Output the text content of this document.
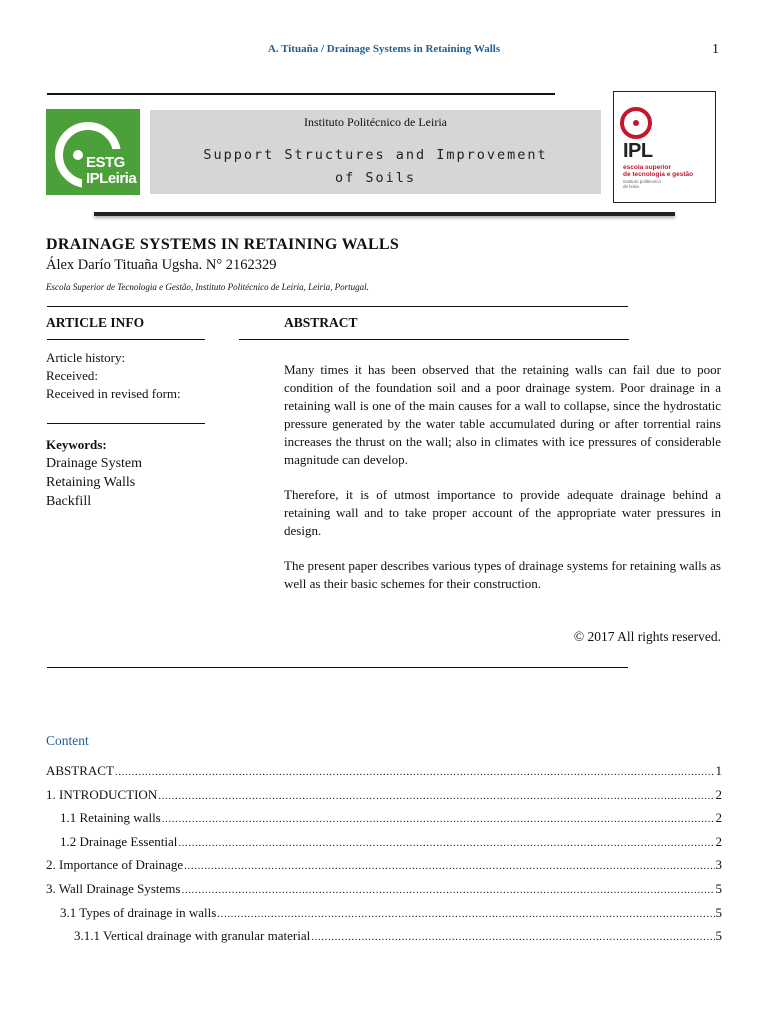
A. Tituaña / Drainage Systems in Retaining Walls	1
ESTG
IPLeiria
Instituto Politécnico de Leiria
Support Structures and Improvement
of Soils
IPL
escola superior
de tecnologia e gestão
instituto politécnico
de leiria
DRAINAGE SYSTEMS IN RETAINING WALLS
Álex Darío Tituaña Ugsha. N° 2162329
Escola Superior de Tecnologia e Gestão, Instituto Politécnico de Leiria, Leiria, Portugal.
ARTICLE INFO
Article history:
Received:
Received in revised form:
Keywords:
Drainage System
Retaining Walls
Backfill
ABSTRACT

Many times it has been observed that the retaining walls can fail due to poor condition of the foundation soil and a poor drainage system. Poor drainage in a retaining wall is one of the main causes for a wall to collapse, since the hydrostatic pressure generated by the water table accumulated during or after torrential rains increases the thrust on the wall; also in climates with ice pressures of considerable magnitude can develop.

Therefore, it is of utmost importance to provide adequate drainage behind a retaining wall and to take proper account of the appropriate water pressures in design.

The present paper describes various types of drainage systems for retaining walls as well as their basic schemes for their construction.

© 2017 All rights reserved.
Content
ABSTRACT .....	1
1. INTRODUCTION .....	2
1.1 Retaining walls .....	2
1.2 Drainage Essential .....	2
2. Importance of Drainage .....	3
3. Wall Drainage Systems .....	5
3.1 Types of drainage in walls .....	5
3.1.1 Vertical drainage with granular material .....	5
